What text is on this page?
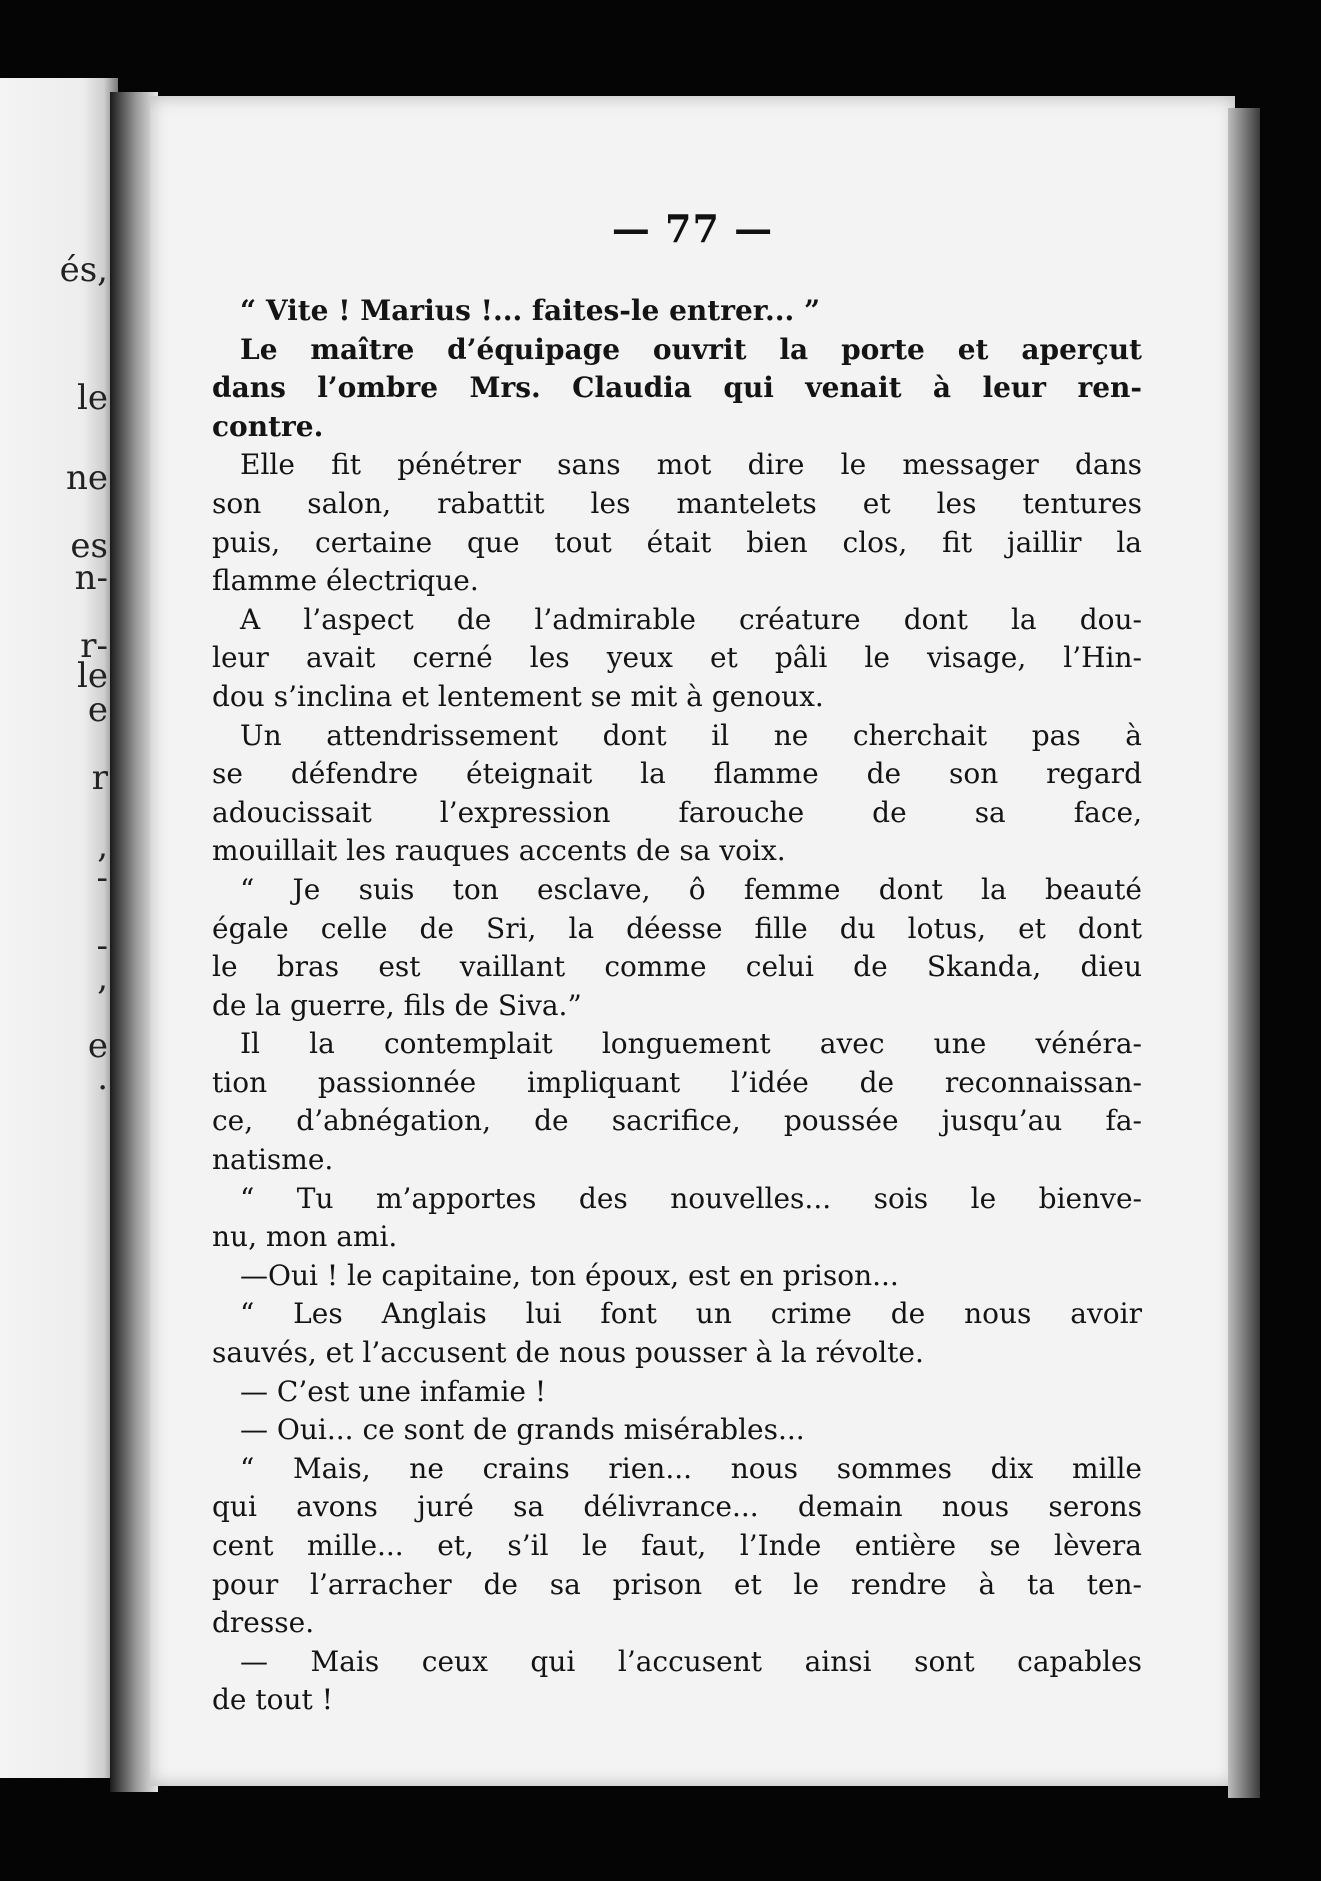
és,
le
ne
es
n-
r-
le
e
r
,
-
-
,
e
.
— 77 —
“ Vite ! Marius !... faites-le entrer... ”
Le maître d’équipage ouvrit la porte et aperçut
dans l’ombre Mrs. Claudia qui venait à leur ren-
contre.
Elle fit pénétrer sans mot dire le messager dans
son salon, rabattit les mantelets et les tentures
puis, certaine que tout était bien clos, fit jaillir la
flamme électrique.
A l’aspect de l’admirable créature dont la dou-
leur avait cerné les yeux et pâli le visage, l’Hin-
dou s’inclina et lentement se mit à genoux.
Un attendrissement dont il ne cherchait pas à
se défendre éteignait la flamme de son regard
adoucissait l’expression farouche de sa face,
mouillait les rauques accents de sa voix.
“ Je suis ton esclave, ô femme dont la beauté
égale celle de Sri, la déesse fille du lotus, et dont
le bras est vaillant comme celui de Skanda, dieu
de la guerre, fils de Siva.”
Il la contemplait longuement avec une vénéra-
tion passionnée impliquant l’idée de reconnaissan-
ce, d’abnégation, de sacrifice, poussée jusqu’au fa-
natisme.
“ Tu m’apportes des nouvelles... sois le bienve-
nu, mon ami.
—Oui ! le capitaine, ton époux, est en prison...
“ Les Anglais lui font un crime de nous avoir
sauvés, et l’accusent de nous pousser à la révolte.
— C’est une infamie !
— Oui... ce sont de grands misérables...
“ Mais, ne crains rien... nous sommes dix mille
qui avons juré sa délivrance... demain nous serons
cent mille... et, s’il le faut, l’Inde entière se lèvera
pour l’arracher de sa prison et le rendre à ta ten-
dresse.
— Mais ceux qui l’accusent ainsi sont capables
de tout !
